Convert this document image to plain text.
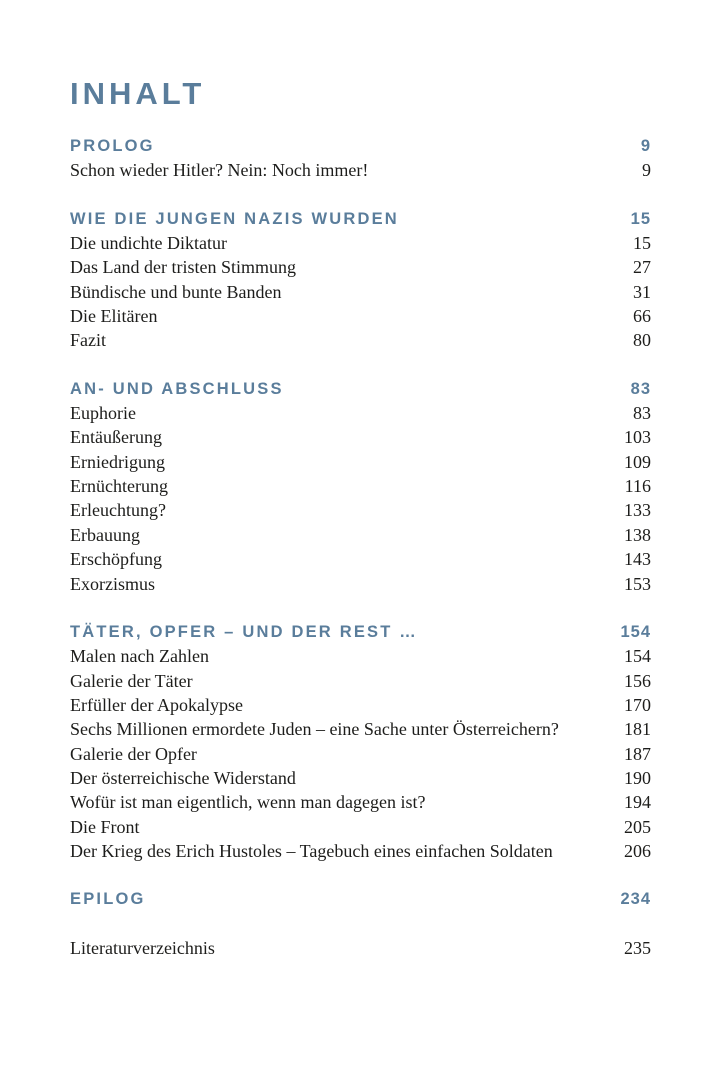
INHALT
PROLOG	9
Schon wieder Hitler? Nein: Noch immer!	9
WIE DIE JUNGEN NAZIS WURDEN	15
Die undichte Diktatur	15
Das Land der tristen Stimmung	27
Bündische und bunte Banden	31
Die Elitären	66
Fazit	80
AN- UND ABSCHLUSS	83
Euphorie	83
Entäußerung	103
Erniedrigung	109
Ernüchterung	116
Erleuchtung?	133
Erbauung	138
Erschöpfung	143
Exorzismus	153
TÄTER, OPFER – UND DER REST …	154
Malen nach Zahlen	154
Galerie der Täter	156
Erfüller der Apokalypse	170
Sechs Millionen ermordete Juden – eine Sache unter Österreichern?	181
Galerie der Opfer	187
Der österreichische Widerstand	190
Wofür ist man eigentlich, wenn man dagegen ist?	194
Die Front	205
Der Krieg des Erich Hustoles – Tagebuch eines einfachen Soldaten	206
EPILOG	234
Literaturverzeichnis	235
